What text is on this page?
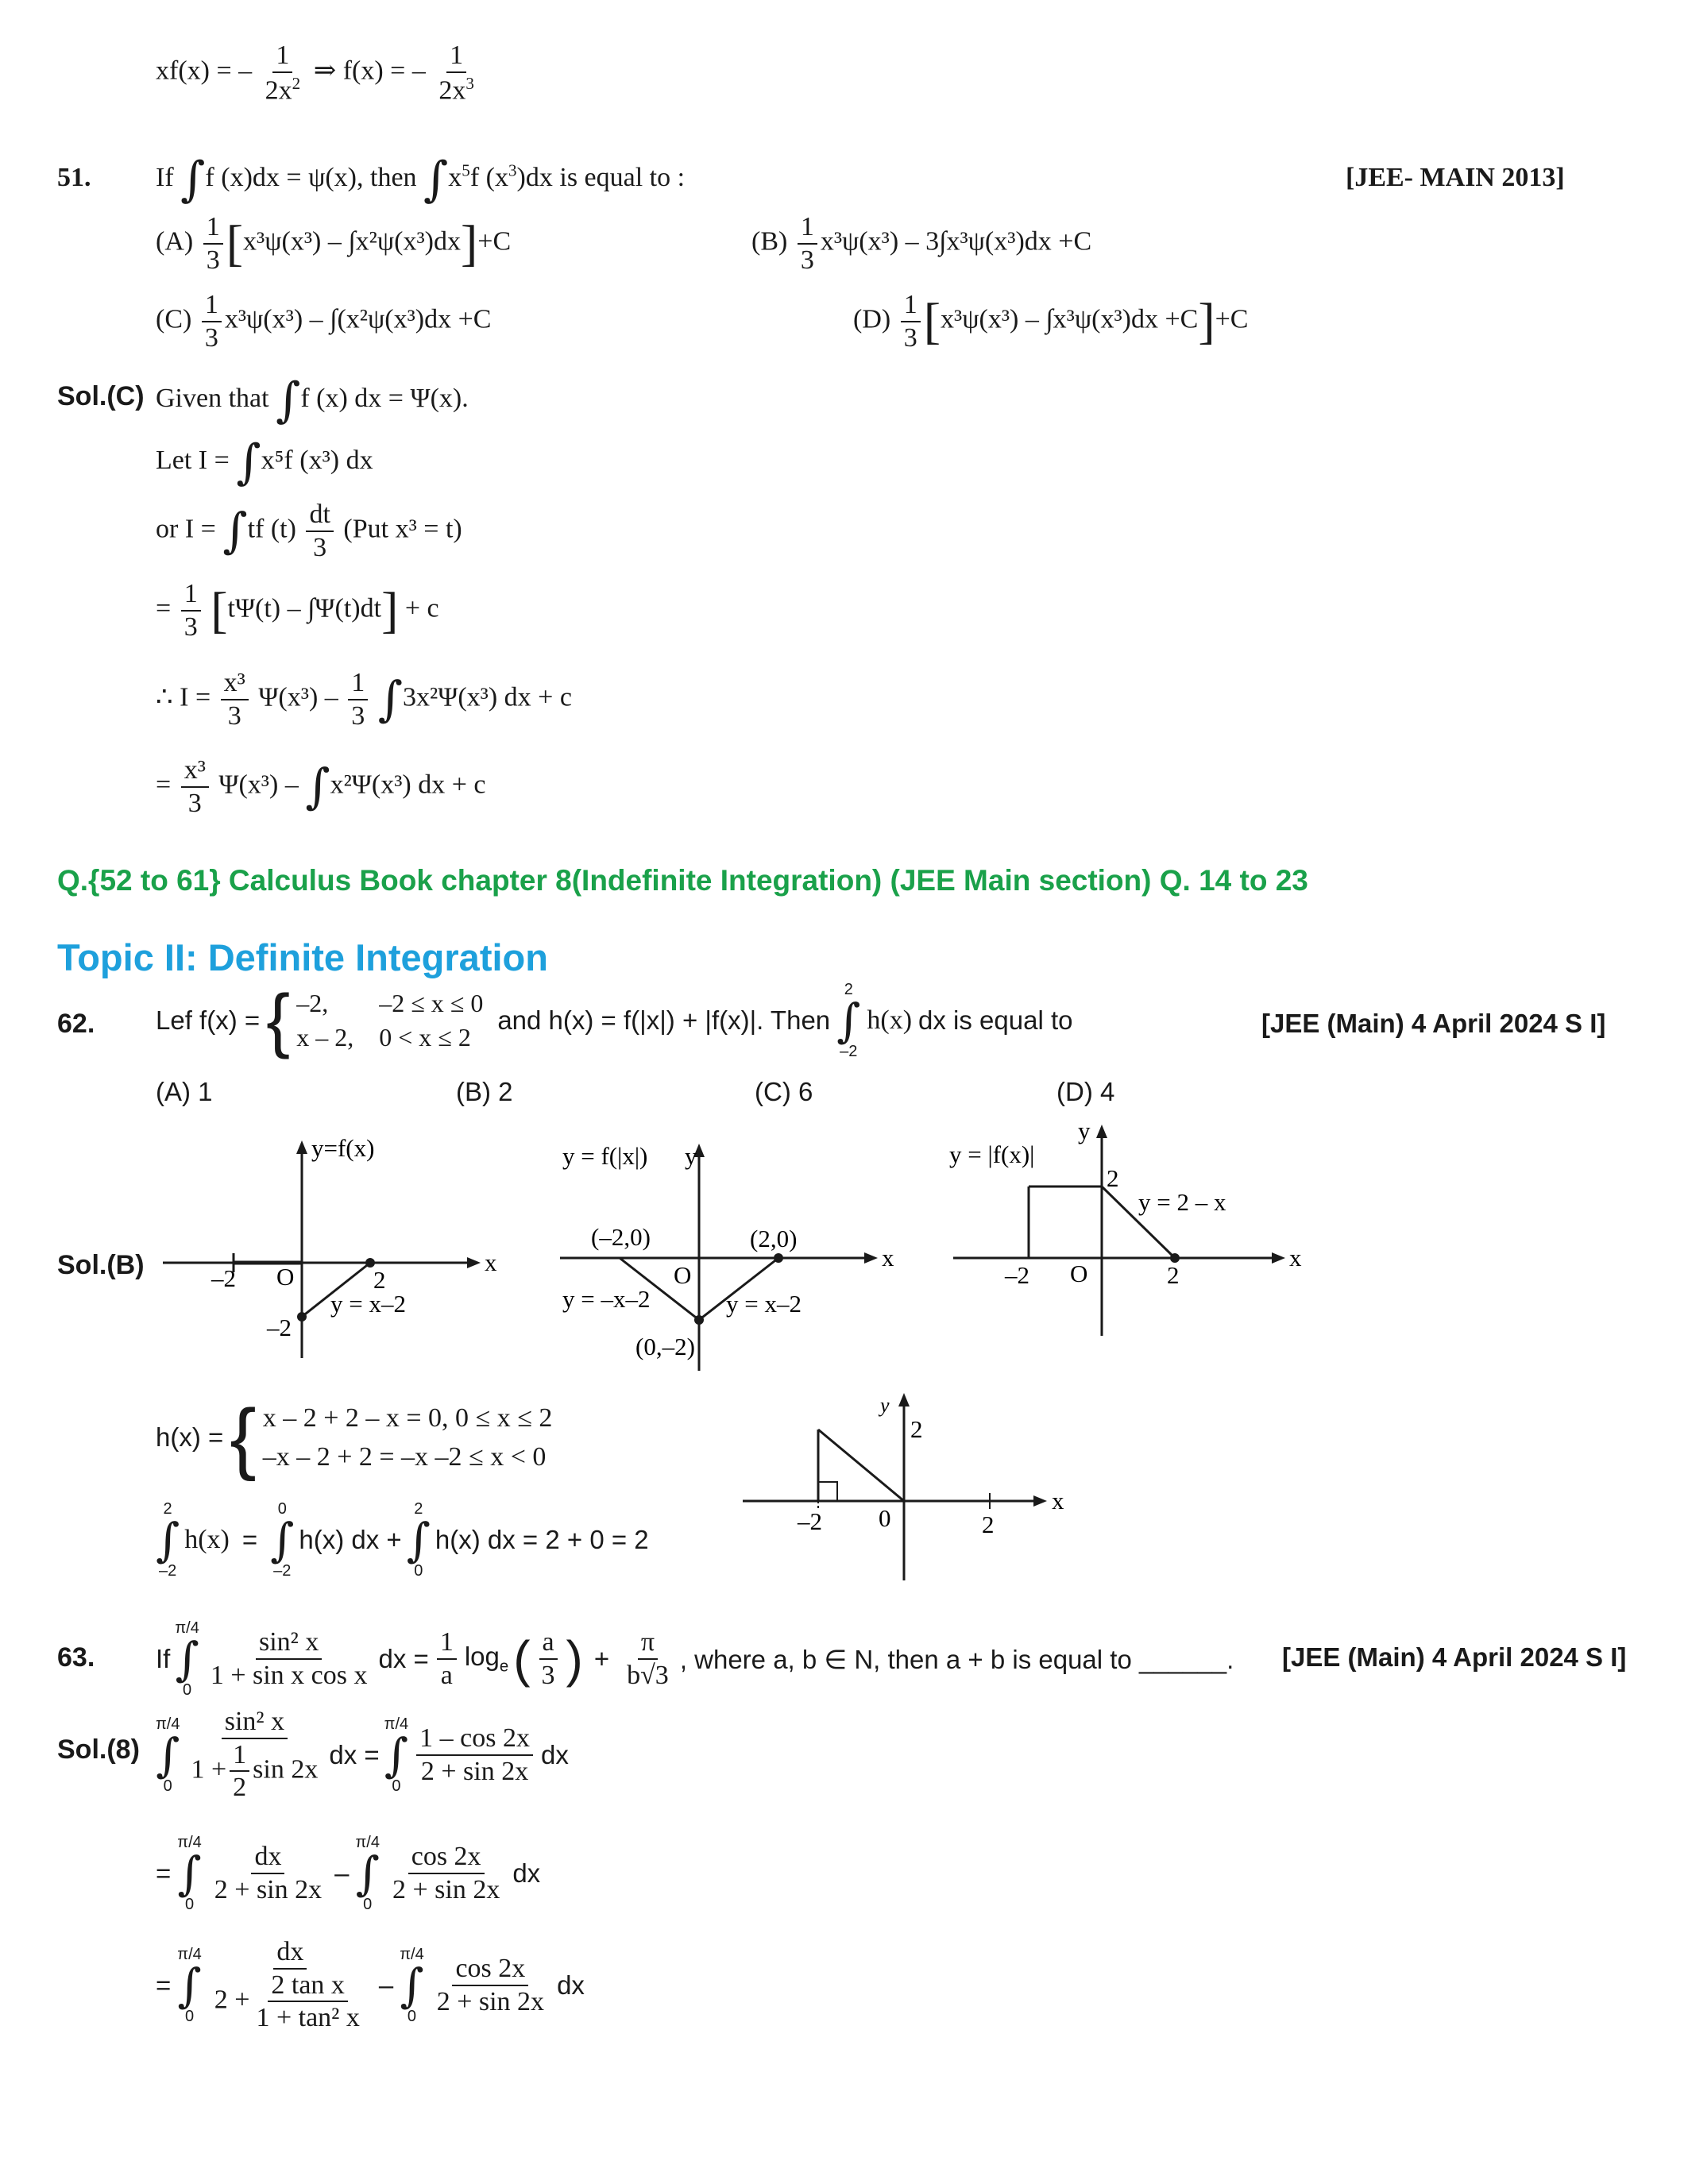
xf(x) = – $\frac{1}{2x^2}$ ⇒ f(x) = – $\frac{1}{2x^3}$
51. If ∫f (x)dx = ψ(x), then $\int x^5f$ $(x^3)dx$ is equal to :	[JEE- MAIN 2013]
$(A) \frac{1}{3} [x^3\psi(x^3) - \int x^2\psi(x^3)dx]+C$	$(B) \frac{1}{3} x^3\psi(x^3) - 3\int x^3\psi(x^3)dx +C$
$(C) \frac{1}{3} x^3\psi(x^3) - \int(x^2\psi(x^3)dx +C$	$(D) \frac{1}{3} [x^3\psi(x^3) - \int x^3\psi(x^3)dx +C]+C$
Sol.(C) Given that ∫f (x) dx = Ψ(x).
Let I = ∫x⁵f (x³) dx
or I = ∫tf $(t) \frac{dt}{3} (Put$ x³ = t)
= $\frac{1}{3} [t\Psi(t) - \int\Psi(t)dt] + c$
∴ $I = \frac{\text{x³}}{3} \Psi(x^3) - \frac{1}{3} \int 3x^2\Psi(x^3)$ dx + c
= $\frac{\text{x³}}{3} \Psi(x^3) - \int x^2\Psi(x^3)$ dx + c
Q.{52 to 61} Calculus Book chapter 8(Indefinite Integration) (JEE Main section) Q. 14 to 23
Topic II: Definite Integration
62. Lef f(x) = { –2, –2 ≤ x ≤ 0
x – 2, 0 < x ≤ 2
and h(x) = f(|x|) + |f(x)|. Then
2
∫
–2
h(x) dx is equal to	[JEE (Main) 4 April 2024 S I]
(A) 1	(B) 2	(C) 6	(D) 4
Sol.(B)
y=f(x)
x
O
–2	2
–2
y = x–2
y = f(|x|) y
x
O
(–2,0)	(2,0)
y = –x–2	y = x–2
(0,–2)
y = |f(x)|
y
x
O
–2	2
2
y = 2 – x
h(x) = { x – 2 + 2 – x = 0, 0 ≤ x ≤ 2
–x – 2 + 2 = –x –2 ≤ x < 0
2
∫
–2
h(x) =
0
∫
–2
h(x) dx +
2
∫
0
h(x) dx = 2 + 0 = 2
y
2
x
0
–2	2
63. If
π/4
∫
0
$\frac{\text{sin² x}}{\text{1 + sin x cos x}}$ dx = $\frac{1}{a} \log_e$ ( $\frac{a}{3}$ ) + $\frac{\pi}{b√3}$ , where a, b ∈ N, then a + b is equal to ______. [JEE (Main) 4 April 2024 S I]
Sol.(8)
π/4
∫
$0 \frac{\text{sin² x}}{1 + \frac{1}{2} \sin 2x}$ dx =
π/4
∫
0
$\frac{1 - \cos 2x}{2 + \sin 2x}$ dx
=
π/4
∫
0
$\frac{dx}{2 + \sin 2x}$ –
π/4
∫
0
$\frac{\cos 2x}{2 + \sin 2x}$ dx
=
π/4
∫
$0 \frac{dx}{2 + \frac{\text{2 tan x}}{\text{1 + tan² x}}}$ –
π/4
∫
0
$\frac{\cos 2x}{2 + \sin 2x}$ dx
